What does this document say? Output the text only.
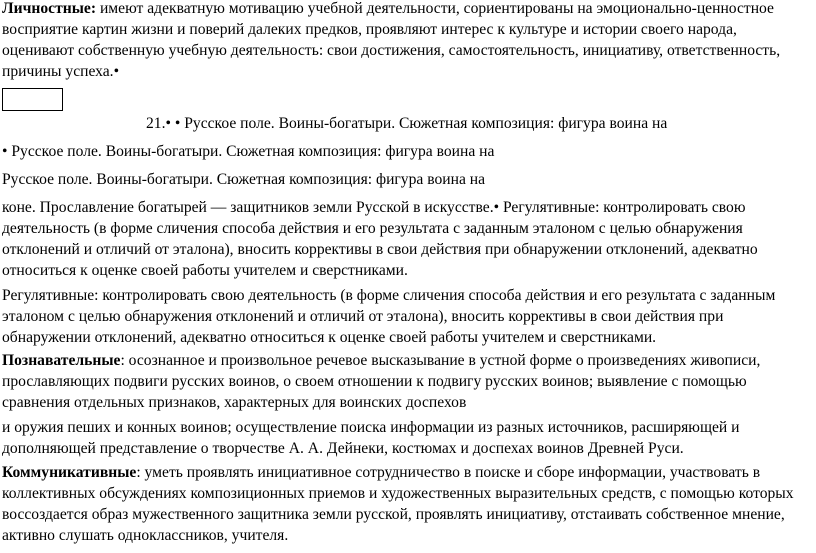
Личностные: имеют адекватную мотивацию учебной деятельности, сориентированы на эмоционально-ценностное восприятие картин жизни и поверий далеких предков, проявляют интерес к культуре и истории своего народа, оценивают собственную учебную деятельность: свои достижения, самостоятельность, инициативу, ответственность, причины успеха.•
21.• • Русское поле. Воины-богатыри. Сюжетная композиция: фигура воина на
• Русское поле. Воины-богатыри. Сюжетная композиция: фигура воина на
Русское поле. Воины-богатыри. Сюжетная композиция: фигура воина на
коне. Прославление богатырей — защитников земли Русской в искусстве.• Регулятивные: контролировать свою деятельность (в форме сличения способа действия и его результата с заданным эталоном с целью обнаружения отклонений и отличий от эталона), вносить коррективы в свои действия при обнаружении отклонений, адекватно относиться к оценке своей работы учителем и сверстниками.
Регулятивные: контролировать свою деятельность (в форме сличения способа действия и его результата с заданным эталоном с целью обнаружения отклонений и отличий от эталона), вносить коррективы в свои действия при обнаружении отклонений, адекватно относиться к оценке своей работы учителем и сверстниками.
Познавательные: осознанное и произвольное речевое высказывание в устной форме о произведениях живописи, прославляющих подвиги русских воинов, о своем отношении к подвигу русских воинов; выявление с помощью сравнения отдельных признаков, характерных для воинских доспехов
и оружия пеших и конных воинов; осуществление поиска информации из разных источников, расширяющей и дополняющей представление о творчестве А. А. Дейнеки, костюмах и доспехах воинов Древней Руси.
Коммуникативные: уметь проявлять инициативное сотрудничество в поиске и сборе информации, участвовать в коллективных обсуждениях композиционных приемов и художественных выразительных средств, с помощью которых воссоздается образ мужественного защитника земли русской, проявлять инициативу, отстаивать собственное мнение, активно слушать одноклассников, учителя.
